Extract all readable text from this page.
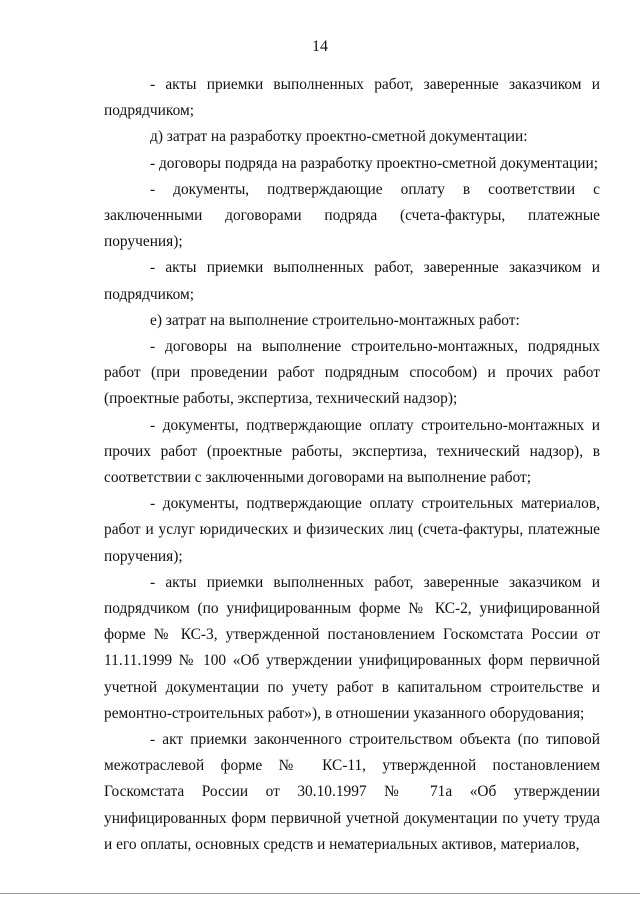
14

- акты приемки выполненных работ, заверенные заказчиком и подрядчиком;

д) затрат на разработку проектно-сметной документации:

- договоры подряда на разработку проектно-сметной документации;

- документы, подтверждающие оплату в соответствии с заключенными договорами подряда (счета-фактуры, платежные поручения);

- акты приемки выполненных работ, заверенные заказчиком и подрядчиком;

е) затрат на выполнение строительно-монтажных работ:

- договоры на выполнение строительно-монтажных, подрядных работ (при проведении работ подрядным способом) и прочих работ (проектные работы, экспертиза, технический надзор);

- документы, подтверждающие оплату строительно-монтажных и прочих работ (проектные работы, экспертиза, технический надзор), в соответствии с заключенными договорами на выполнение работ;

- документы, подтверждающие оплату строительных материалов, работ и услуг юридических и физических лиц (счета-фактуры, платежные поручения);

- акты приемки выполненных работ, заверенные заказчиком и подрядчиком (по унифицированным форме № КС-2, унифицированной форме № КС-3, утвержденной постановлением Госкомстата России от 11.11.1999 № 100 «Об утверждении унифицированных форм первичной учетной документации по учету работ в капитальном строительстве и ремонтно-строительных работ»), в отношении указанного оборудования;

- акт приемки законченного строительством объекта (по типовой межотраслевой форме № КС-11, утвержденной постановлением Госкомстата России от 30.10.1997 № 71а «Об утверждении унифицированных форм первичной учетной документации по учету труда и его оплаты, основных средств и нематериальных активов, материалов,
